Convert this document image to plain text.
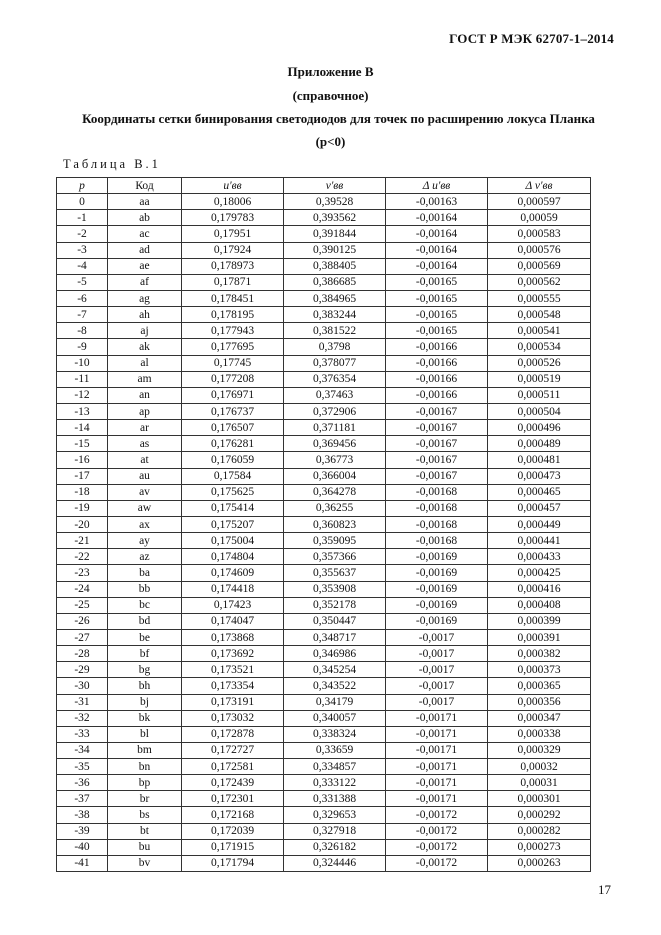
ГОСТ Р МЭК 62707-1–2014
Приложение В
(справочное)
Координаты сетки бинирования светодиодов для точек по расширению локуса Планка
(p<0)
Таблица В.1
p	Код	u'вв	v'вв	Δ u'вв	Δ v'вв
0	aa	0,18006	0,39528	-0,00163	0,000597
-1	ab	0,179783	0,393562	-0,00164	0,00059
-2	ac	0,17951	0,391844	-0,00164	0,000583
-3	ad	0,17924	0,390125	-0,00164	0,000576
-4	ae	0,178973	0,388405	-0,00164	0,000569
-5	af	0,17871	0,386685	-0,00165	0,000562
-6	ag	0,178451	0,384965	-0,00165	0,000555
-7	ah	0,178195	0,383244	-0,00165	0,000548
-8	aj	0,177943	0,381522	-0,00165	0,000541
-9	ak	0,177695	0,3798	-0,00166	0,000534
-10	al	0,17745	0,378077	-0,00166	0,000526
-11	am	0,177208	0,376354	-0,00166	0,000519
-12	an	0,176971	0,37463	-0,00166	0,000511
-13	ap	0,176737	0,372906	-0,00167	0,000504
-14	ar	0,176507	0,371181	-0,00167	0,000496
-15	as	0,176281	0,369456	-0,00167	0,000489
-16	at	0,176059	0,36773	-0,00167	0,000481
-17	au	0,17584	0,366004	-0,00167	0,000473
-18	av	0,175625	0,364278	-0,00168	0,000465
-19	aw	0,175414	0,36255	-0,00168	0,000457
-20	ax	0,175207	0,360823	-0,00168	0,000449
-21	ay	0,175004	0,359095	-0,00168	0,000441
-22	az	0,174804	0,357366	-0,00169	0,000433
-23	ba	0,174609	0,355637	-0,00169	0,000425
-24	bb	0,174418	0,353908	-0,00169	0,000416
-25	bc	0,17423	0,352178	-0,00169	0,000408
-26	bd	0,174047	0,350447	-0,00169	0,000399
-27	be	0,173868	0,348717	-0,0017	0,000391
-28	bf	0,173692	0,346986	-0,0017	0,000382
-29	bg	0,173521	0,345254	-0,0017	0,000373
-30	bh	0,173354	0,343522	-0,0017	0,000365
-31	bj	0,173191	0,34179	-0,0017	0,000356
-32	bk	0,173032	0,340057	-0,00171	0,000347
-33	bl	0,172878	0,338324	-0,00171	0,000338
-34	bm	0,172727	0,33659	-0,00171	0,000329
-35	bn	0,172581	0,334857	-0,00171	0,00032
-36	bp	0,172439	0,333122	-0,00171	0,00031
-37	br	0,172301	0,331388	-0,00171	0,000301
-38	bs	0,172168	0,329653	-0,00172	0,000292
-39	bt	0,172039	0,327918	-0,00172	0,000282
-40	bu	0,171915	0,326182	-0,00172	0,000273
-41	bv	0,171794	0,324446	-0,00172	0,000263
17
